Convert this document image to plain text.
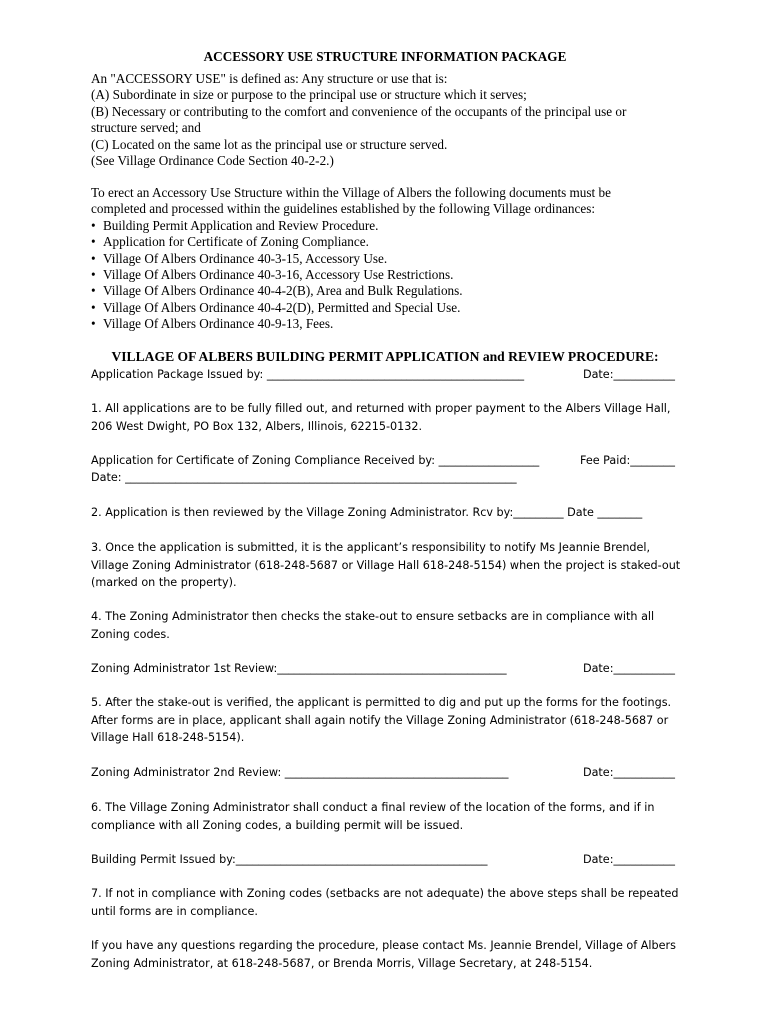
ACCESSORY USE STRUCTURE INFORMATION PACKAGE
An "ACCESSORY USE" is defined as: Any structure or use that is:
(A) Subordinate in size or purpose to the principal use or structure which it serves;
(B) Necessary or contributing to the comfort and convenience of the occupants of the principal use or
structure served; and
(C) Located on the same lot as the principal use or structure served.
(See Village Ordinance Code Section 40-2-2.)
To erect an Accessory Use Structure within the Village of Albers the following documents must be
completed and processed within the guidelines established by the following Village ordinances:
• Building Permit Application and Review Procedure.
• Application for Certificate of Zoning Compliance.
• Village Of Albers Ordinance 40-3-15, Accessory Use.
• Village Of Albers Ordinance 40-3-16, Accessory Use Restrictions.
• Village Of Albers Ordinance 40-4-2(B), Area and Bulk Regulations.
• Village Of Albers Ordinance 40-4-2(D), Permitted and Special Use.
• Village Of Albers Ordinance 40-9-13, Fees.
VILLAGE OF ALBERS BUILDING PERMIT APPLICATION and REVIEW PROCEDURE:
Application Package Issued by: ______________________________________________	Date:___________
1. All applications are to be fully filled out, and returned with proper payment to the Albers Village Hall,
206 West Dwight, PO Box 132, Albers, Illinois, 62215-0132.
Application for Certificate of Zoning Compliance Received by: __________________	Fee Paid:________
Date: ______________________________________________________________________
2. Application is then reviewed by the Village Zoning Administrator. Rcv by:_________ Date ________
3. Once the application is submitted, it is the applicant’s responsibility to notify Ms Jeannie Brendel,
Village Zoning Administrator (618-248-5687 or Village Hall 618-248-5154) when the project is staked-out
(marked on the property).
4. The Zoning Administrator then checks the stake-out to ensure setbacks are in compliance with all
Zoning codes.
Zoning Administrator 1st Review:_________________________________________	Date:___________
5. After the stake-out is verified, the applicant is permitted to dig and put up the forms for the footings.
After forms are in place, applicant shall again notify the Village Zoning Administrator (618-248-5687 or
Village Hall 618-248-5154).
Zoning Administrator 2nd Review: ________________________________________	Date:___________
6. The Village Zoning Administrator shall conduct a final review of the location of the forms, and if in
compliance with all Zoning codes, a building permit will be issued.
Building Permit Issued by:_____________________________________________	Date:___________
7. If not in compliance with Zoning codes (setbacks are not adequate) the above steps shall be repeated
until forms are in compliance.
If you have any questions regarding the procedure, please contact Ms. Jeannie Brendel, Village of Albers
Zoning Administrator, at 618-248-5687, or Brenda Morris, Village Secretary, at 248-5154.
